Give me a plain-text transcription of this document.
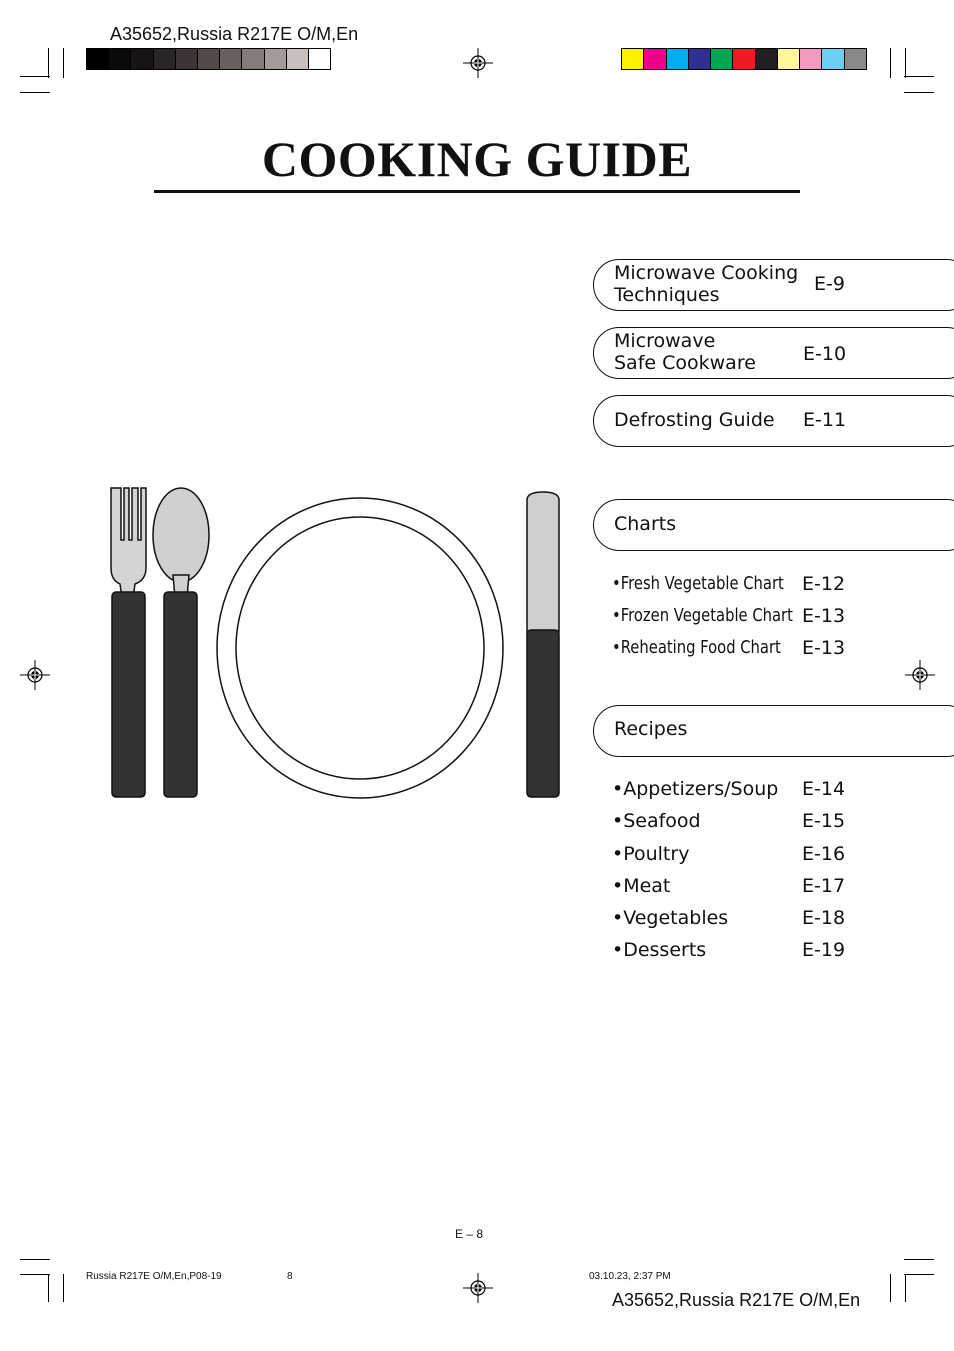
A35652,Russia R217E O/M,En
COOKING GUIDE
Microwave Cooking
Techniques	E-9
Microwave
Safe Cookware E-10
Defrosting Guide E-11
Charts
•Fresh Vegetable Chart E-12
•Frozen Vegetable Chart E-13
•Reheating Food Chart E-13
Recipes
•Appetizers/Soup E-14
•Seafood	E-15
•Poultry	E-16
•Meat	E-17
•Vegetables	E-18
•Desserts	E-19
E – 8
Russia R217E O/M,En,P08-19	8	03.10.23, 2:37 PM
A35652,Russia R217E O/M,En
